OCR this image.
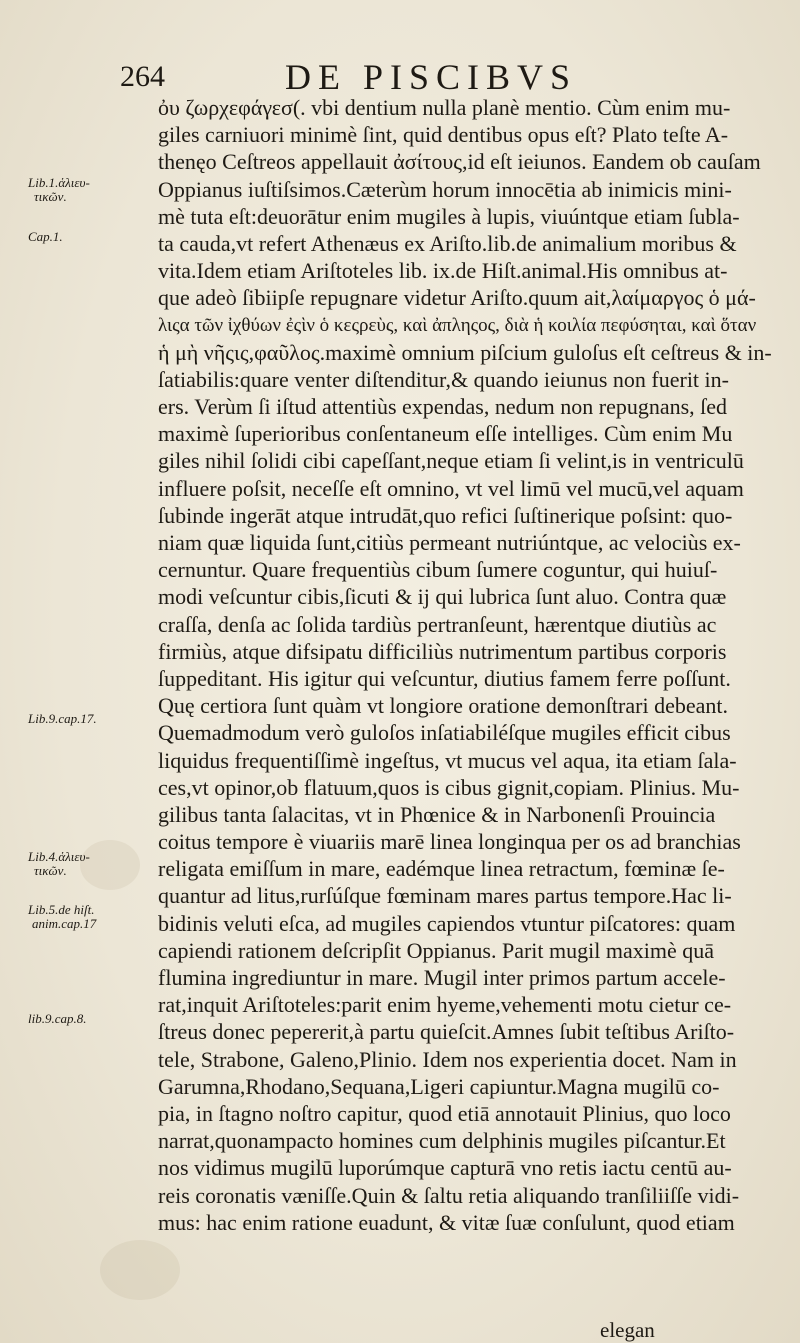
264	DE PISCIBVS
Lib.1.ἁλιευ-
τικῶν.
Cap.1.
Lib.9.cap.17.
Lib.4.ἁλιευ-
τικῶν.
Lib.5.de hiſt.
anim.cap.17
lib.9.cap.8.
ὀυ ζωρχεφάγεσ(. vbi dentium nulla planè mentio. Cùm enim mu-
giles carniuori minimè ſint, quid dentibus opus eſt? Plato teſte A-
thenęo Ceſtreos appellauit ἀσίτους,id eſt ieiunos. Eandem ob cauſam
Oppianus iuſtiſsimos.Cæterùm horum innocētia ab inimicis mini-
mè tuta eſt:deuorātur enim mugiles à lupis, viuúntque etiam ſubla-
ta cauda,vt refert Athenæus ex Ariſto.lib.de animalium moribus &
vita.Idem etiam Ariſtoteles lib. ix.de Hiſt.animal.His omnibus at-
que adeò ſibiipſe repugnare videtur Ariſto.quum ait,λαίμαργος ὁ μά-
λιςα τῶν ἰχθύων ἐςὶν ὁ κεςρεὺς, καὶ ἀπληςος, διὰ ἡ κοιλία πεφύσηται, καὶ ὅταν
ἡ μὴ νῆςις,φαῦλος.maximè omnium piſcium guloſus eſt ceſtreus & in-
ſatiabilis:quare venter diſtenditur,& quando ieiunus non fuerit in-
ers. Verùm ſi iſtud attentiùs expendas, nedum non repugnans, ſed
maximè ſuperioribus conſentaneum eſſe intelliges. Cùm enim Mu
giles nihil ſolidi cibi capeſſant,neque etiam ſi velint,is in ventriculū
influere poſsit, neceſſe eſt omnino, vt vel limū vel mucū,vel aquam
ſubinde ingerāt atque intrudāt,quo refici ſuſtinerique poſsint: quo-
niam quæ liquida ſunt,citiùs permeant nutriúntque, ac velociùs ex-
cernuntur. Quare frequentiùs cibum ſumere coguntur, qui huiuſ-
modi veſcuntur cibis,ſicuti & ij qui lubrica ſunt aluo. Contra quæ
craſſa, denſa ac ſolida tardiùs pertranſeunt, hærentque diutiùs ac
firmiùs, atque difsipatu difficiliùs nutrimentum partibus corporis
ſuppeditant. His igitur qui veſcuntur, diutius famem ferre poſſunt.
Quę certiora ſunt quàm vt longiore oratione demonſtrari debeant.
Quemadmodum verò guloſos inſatiabiléſque mugiles efficit cibus
liquidus frequentiſſimè ingeſtus, vt mucus vel aqua, ita etiam ſala-
ces,vt opinor,ob flatuum,quos is cibus gignit,copiam. Plinius. Mu-
gilibus tanta ſalacitas, vt in Phœnice & in Narbonenſi Prouincia
coitus tempore è viuariis marē linea longinqua per os ad branchias
religata emiſſum in mare, eadémque linea retractum, fœminæ ſe-
quantur ad litus,rurſúſque fœminam mares partus tempore.Hac li-
bidinis veluti eſca, ad mugiles capiendos vtuntur piſcatores: quam
capiendi rationem deſcripſit Oppianus. Parit mugil maximè quā
flumina ingrediuntur in mare. Mugil inter primos partum accele-
rat,inquit Ariſtoteles:parit enim hyeme,vehementi motu cietur ce-
ſtreus donec pepererit,à partu quieſcit.Amnes ſubit teſtibus Ariſto-
tele, Strabone, Galeno,Plinio. Idem nos experientia docet. Nam in
Garumna,Rhodano,Sequana,Ligeri capiuntur.Magna mugilū co-
pia, in ſtagno noſtro capitur, quod etiā annotauit Plinius, quo loco
narrat,quonampacto homines cum delphinis mugiles piſcantur.Et
nos vidimus mugilū luporúmque capturā vno retis iactu centū au-
reis coronatis væniſſe.Quin & ſaltu retia aliquando tranſiliiſſe vidi-
mus: hac enim ratione euadunt, & vitæ ſuæ conſulunt, quod etiam
elegan
